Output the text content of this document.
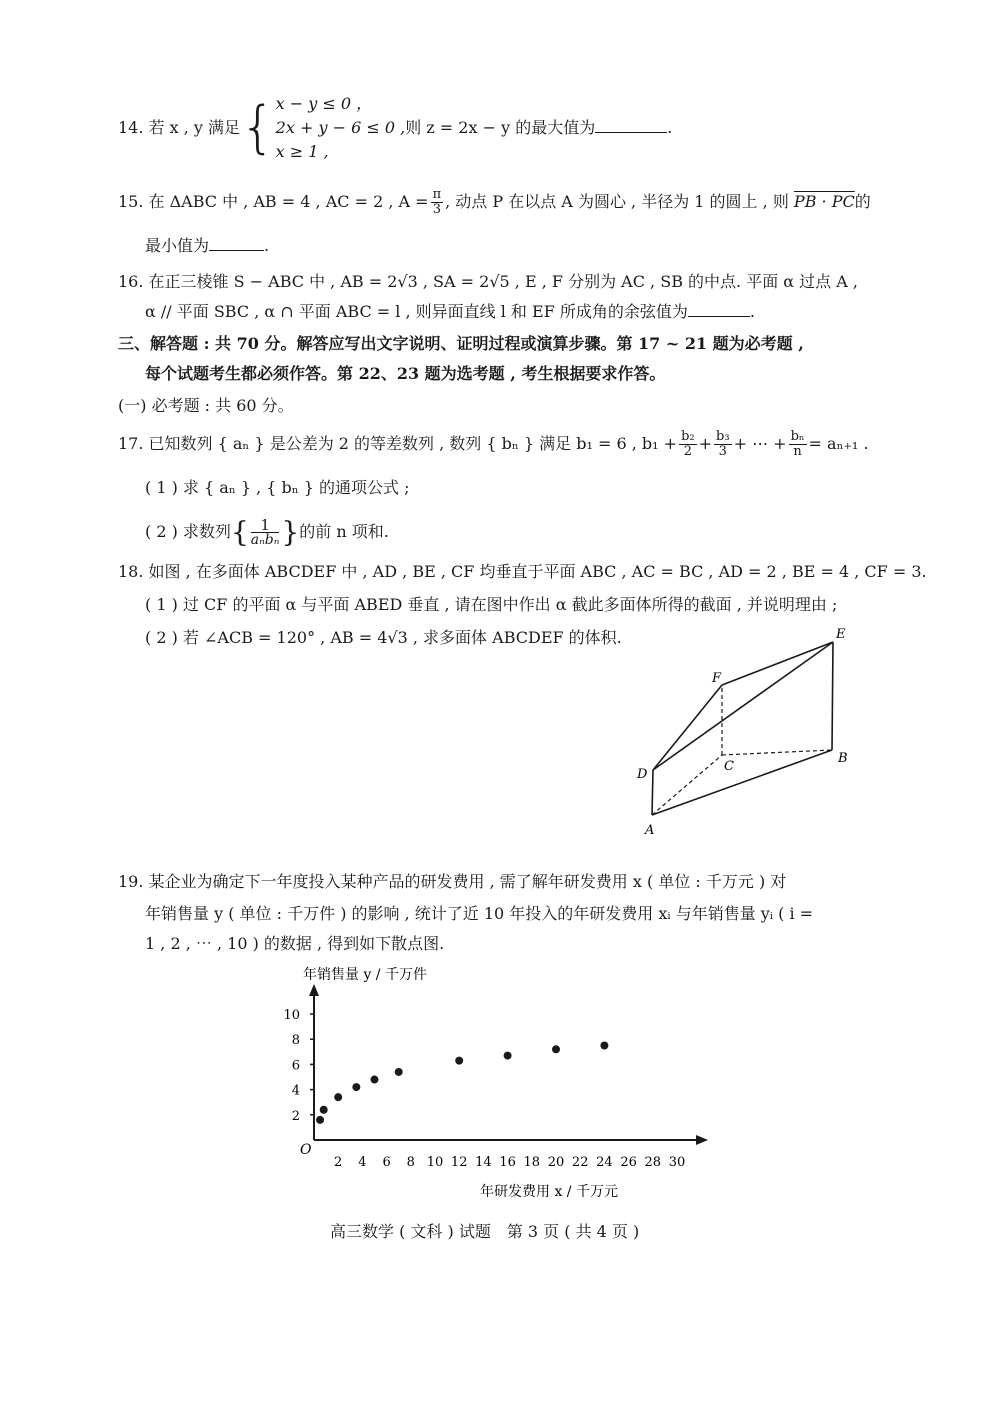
14. 若 x , y 满足{ x − y ≤ 0 ，
2x + y − 6 ≤ 0 ,则 z = 2x − y 的最大值为	.
x ≥ 1 ,
15. 在 ΔABC 中 , AB = 4 , AC = 2 , $A = \frac{\pi}{3}$ , 动点 P 在以点 A 为圆心 , 半径为 1 的圆上 , 则 PB · PC的
最小值为	.
16. 在正三棱锥 S − ABC 中 , AB = 2√3 , SA = 2√5 , E , F 分别为 AC , SB 的中点. 平面 α 过点 A ,
α // 平面 SBC , α ∩ 平面 ABC = l , 则异面直线 l 和 EF 所成角的余弦值为	.
三、解答题 : 共 70 分。解答应写出文字说明、证明过程或演算步骤。第 17 ~ 21 题为必考题 ,
每个试题考生都必须作答。第 22、23 题为选考题 , 考生根据要求作答。
(一) 必考题 : 共 60 分。
17. 已知数列 { aₙ } 是公差为 2 的等差数列 , 数列 { bₙ } 满足 b₁ = 6 , $b_1 + \frac{\text{b₂}}{2} + \frac{\text{b₃}}{3}$ + ⋯ + $\frac{\text{bₙ}}{n} = a_{n+1}$ .
( 1 ) 求 { aₙ } , { bₙ } 的通项公式 ;
( 2 ) 求数列{ $\frac{1}{\text{aₙbₙ}}$ }的前 n 项和.
18. 如图 , 在多面体 ABCDEF 中 , AD , BE , CF 均垂直于平面 ABC , AC = BC , AD = 2 , BE = 4 , CF = 3.
( 1 ) 过 CF 的平面 α 与平面 ABED 垂直 , 请在图中作出 α 截此多面体所得的截面 , 并说明理由 ;
( 2 ) 若 ∠ACB = 120° , AB = 4√3 , 求多面体 ABCDEF 的体积.	E
F
D
C
B
A
19. 某企业为确定下一年度投入某种产品的研发费用 , 需了解年研发费用 x ( 单位 : 千万元 ) 对
年销售量 y ( 单位 : 千万件 ) 的影响 , 统计了近 10 年投入的年研发费用 xᵢ 与年销售量 yᵢ ( i =
1 , 2 , ⋯ , 10 ) 的数据 , 得到如下散点图.
年销售量 y / 千万件
O
2 4 6 8 10 12 14 16 18 20 22 24 26 28 30
2
4
6
8
10
年研发费用 x / 千万元
高三数学 ( 文科 ) 试题　第 3 页 ( 共 4 页 )
